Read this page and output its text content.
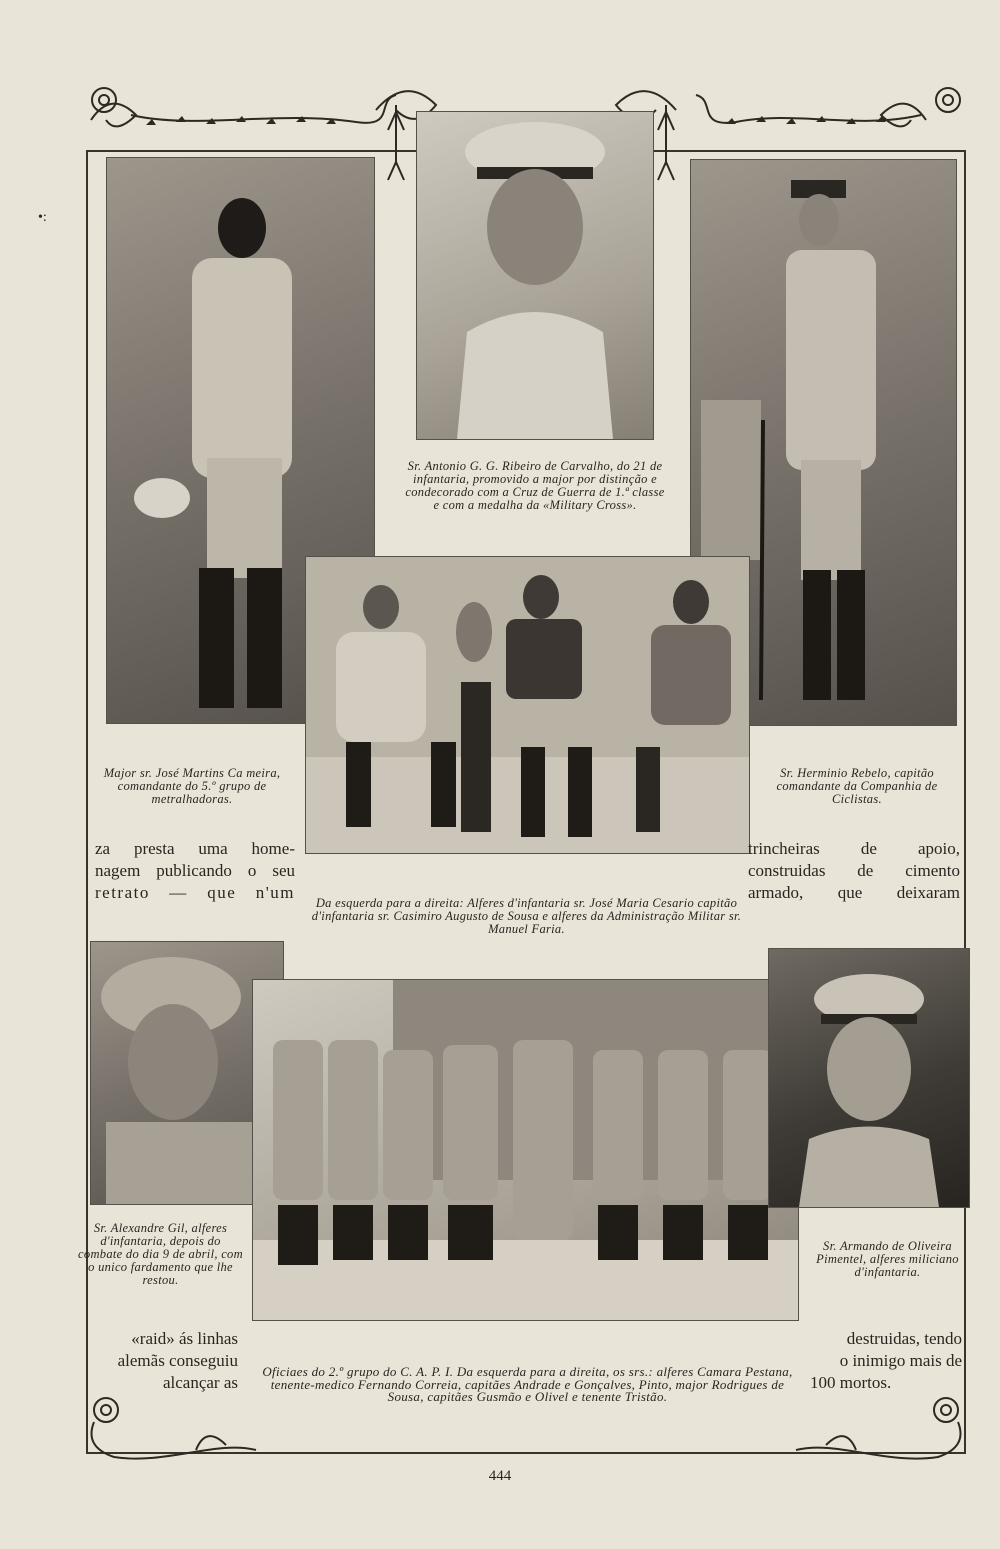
•:
Major sr. José Martins Ca meira, comandante do 5.º grupo de metralhadoras.
Sr. Antonio G. G. Ribeiro de Carvalho, do 21 de infantaria, promovido a major por distinção e condecorado com a Cruz de Guerra de 1.ª classe e com a medalha da «Military Cross».
Sr. Herminio Rebelo, capitão comandante da Companhia de Ciclistas.
Da esquerda para a direita: Alferes d'infantaria sr. José Maria Cesario capitão d'infantaria sr. Casimiro Augusto de Sousa e alferes da Administração Militar sr. Manuel Faria.
za presta uma home-
nagem publicando o seu
retrato — que n'um
trincheiras de apoio,
construidas de cimento
armado, que deixaram
Sr. Alexandre Gil, alferes d'infantaria, depois do combate do dia 9 de abril, com o unico fardamento que lhe restou.
Oficiaes do 2.º grupo do C. A. P. I. Da esquerda para a direita, os srs.: alferes Camara Pestana, tenente-medico Fernando Correia, capitães Andrade e Gonçalves, Pinto, major Rodrigues de Sousa, capitães Gusmão e Olivel e tenente Tristão.
Sr. Armando de Oliveira Pimentel, alferes miliciano d'infantaria.
«raid» ás linhas
alemãs conseguiu
alcançar as
destruidas, tendo
o inimigo mais de
100 mortos.
444
